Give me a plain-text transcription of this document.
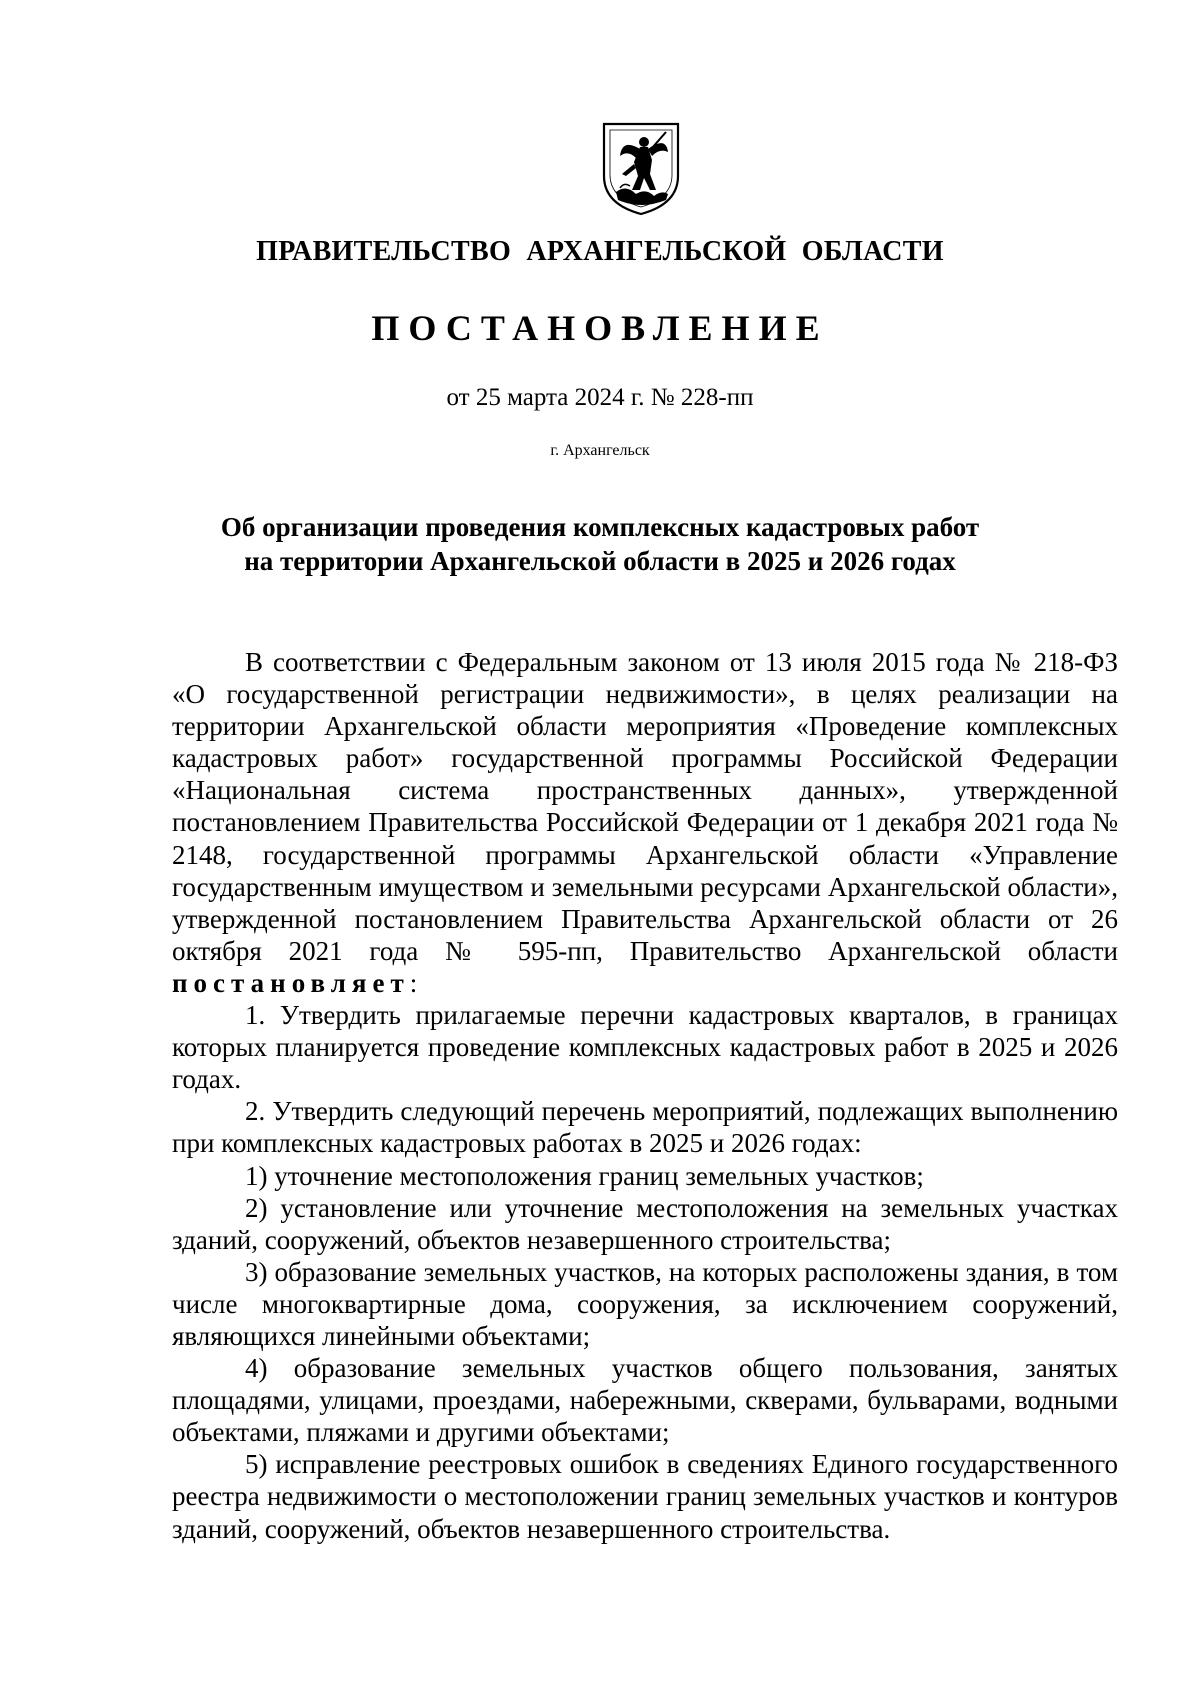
ПРАВИТЕЛЬСТВО АРХАНГЕЛЬСКОЙ ОБЛАСТИ
ПОСТАНОВЛЕНИЕ
от 25 марта 2024 г. № 228-пп
г. Архангельск
Об организации проведения комплексных кадастровых работ
на территории Архангельской области в 2025 и 2026 годах

В соответствии с Федеральным законом от 13 июля 2015 года № 218-ФЗ «О государственной регистрации недвижимости», в целях реализации на территории Архангельской области мероприятия «Проведение комплексных кадастровых работ» государственной программы Российской Федерации «Национальная система пространственных данных», утвержденной постановлением Правительства Российской Федерации от 1 декабря 2021 года № 2148, государственной программы Архангельской области «Управление государственным имуществом и земельными ресурсами Архангельской области», утвержденной постановлением Правительства Архангельской области от 26 октября 2021 года № 595-пп, Правительство Архангельской области постановляет:

1. Утвердить прилагаемые перечни кадастровых кварталов, в границах которых планируется проведение комплексных кадастровых работ в 2025 и 2026 годах.

2. Утвердить следующий перечень мероприятий, подлежащих выполнению при комплексных кадастровых работах в 2025 и 2026 годах:

1) уточнение местоположения границ земельных участков;

2) установление или уточнение местоположения на земельных участках зданий, сооружений, объектов незавершенного строительства;

3) образование земельных участков, на которых расположены здания, в том числе многоквартирные дома, сооружения, за исключением сооружений, являющихся линейными объектами;

4) образование земельных участков общего пользования, занятых площадями, улицами, проездами, набережными, скверами, бульварами, водными объектами, пляжами и другими объектами;

5) исправление реестровых ошибок в сведениях Единого государственного реестра недвижимости о местоположении границ земельных участков и контуров зданий, сооружений, объектов незавершенного строительства.
